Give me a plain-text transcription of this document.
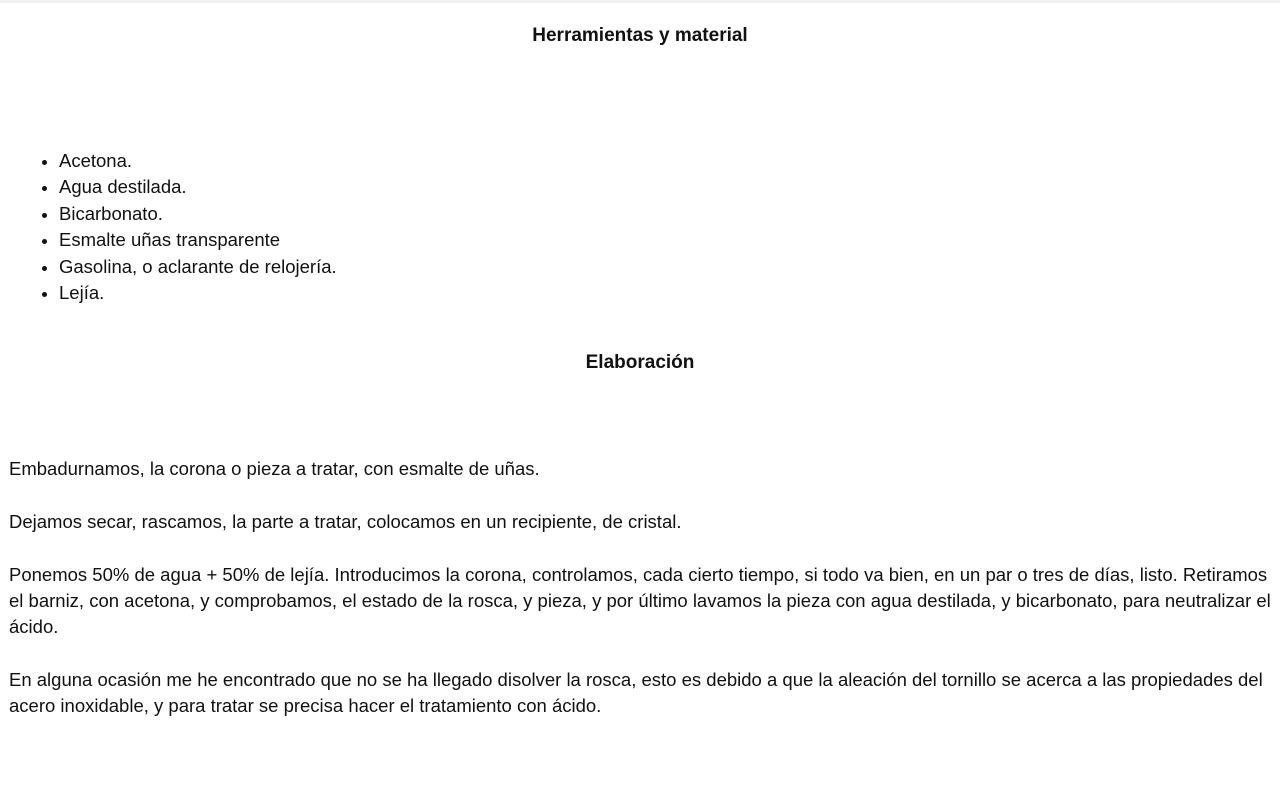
Herramientas y material
• Acetona.
• Agua destilada.
• Bicarbonato.
• Esmalte uñas transparente
• Gasolina, o aclarante de relojería.
• Lejía.
Elaboración

Embadurnamos, la corona o pieza a tratar, con esmalte de uñas.

Dejamos secar, rascamos, la parte a tratar, colocamos en un recipiente, de cristal.

Ponemos 50% de agua + 50% de lejía. Introducimos la corona, controlamos, cada cierto tiempo, si todo va bien, en un par o tres de días, listo. Retiramos el barniz, con acetona, y comprobamos, el estado de la rosca, y pieza, y por último lavamos la pieza con agua destilada, y bicarbonato, para neutralizar el ácido.

En alguna ocasión me he encontrado que no se ha llegado disolver la rosca, esto es debido a que la aleación del tornillo se acerca a las propiedades del acero inoxidable, y para tratar se precisa hacer el tratamiento con ácido.
